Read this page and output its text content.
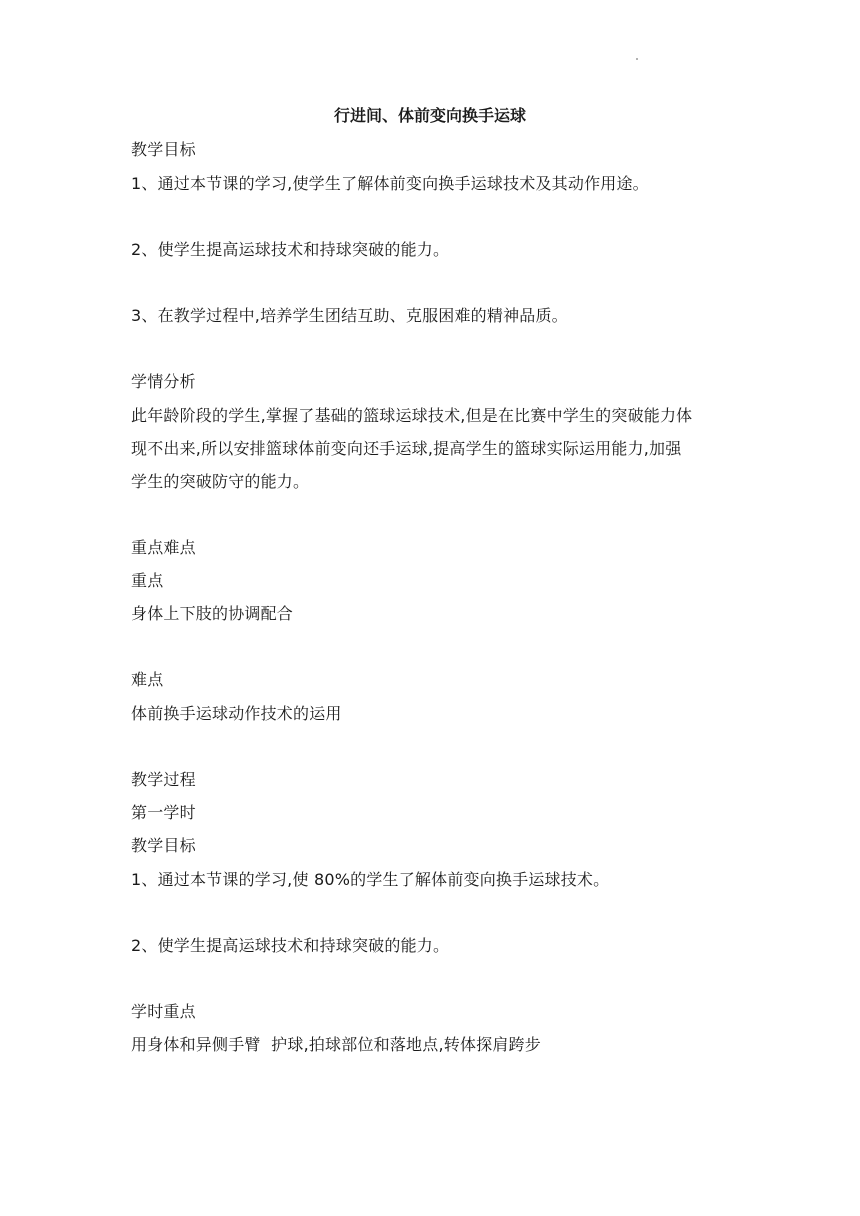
行进间、体前变向换手运球
教学目标
1、通过本节课的学习,使学生了解体前变向换手运球技术及其动作用途。
2、使学生提高运球技术和持球突破的能力。
3、在教学过程中,培养学生团结互助、克服困难的精神品质。
学情分析
此年龄阶段的学生,掌握了基础的篮球运球技术,但是在比赛中学生的突破能力体
现不出来,所以安排篮球体前变向还手运球,提高学生的篮球实际运用能力,加强
学生的突破防守的能力。
重点难点
重点
身体上下肢的协调配合
难点
体前换手运球动作技术的运用
教学过程
第一学时
教学目标
1、通过本节课的学习,使 80%的学生了解体前变向换手运球技术。
2、使学生提高运球技术和持球突破的能力。
学时重点
用身体和异侧手臂  护球,拍球部位和落地点,转体探肩跨步
